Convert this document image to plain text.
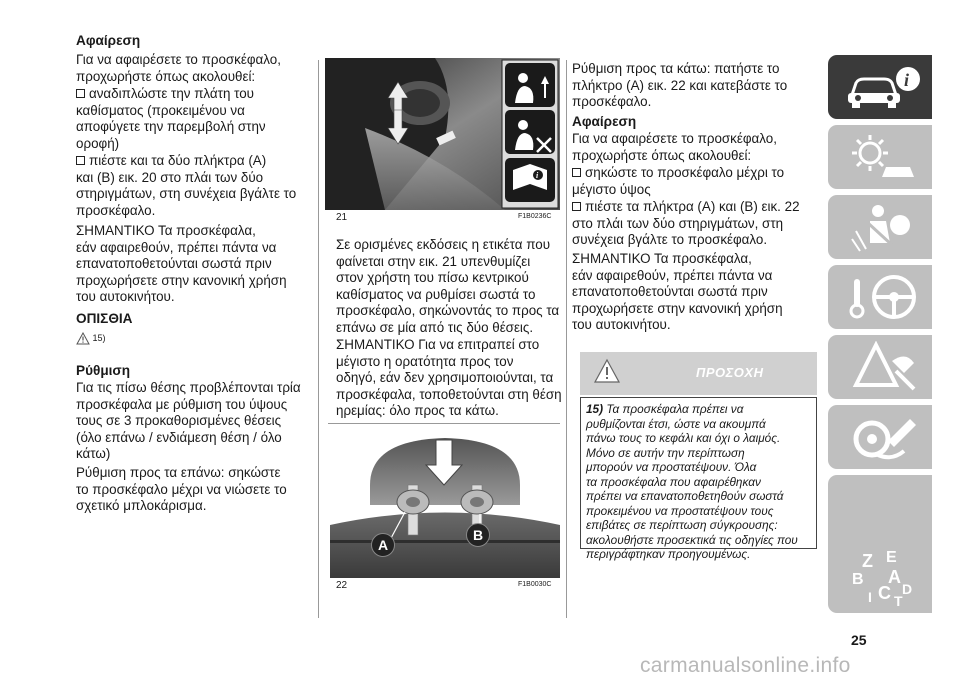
Αφαίρεση
Για να αφαιρέσετε το προσκέφαλο,
προχωρήστε όπως ακολουθεί:
αναδιπλώστε την πλάτη του
καθίσματος (προκειμένου να
αποφύγετε την παρεμβολή στην
οροφή)
πιέστε και τα δύο πλήκτρα (A)
και (B) εικ. 20 στο πλάι των δύο
στηριγμάτων, στη συνέχεια βγάλτε το
προσκέφαλο.
ΣΗΜΑΝΤΙΚΟ Τα προσκέφαλα,
εάν αφαιρεθούν, πρέπει πάντα να
επανατοποθετούνται σωστά πριν
προχωρήσετε στην κανονική χρήση
του αυτοκινήτου.
ΟΠΙΣΘΙΑ
15)
Ρύθμιση
Για τις πίσω θέσης προβλέπονται τρία
προσκέφαλα με ρύθμιση του ύψους
τους σε 3 προκαθορισμένες θέσεις
(όλο επάνω / ενδιάμεση θέση / όλο
κάτω)
Ρύθμιση προς τα επάνω: σηκώστε
το προσκέφαλο μέχρι να νιώσετε το
σχετικό μπλοκάρισμα.
i
21	F1B0236C
Σε ορισμένες εκδόσεις η ετικέτα που
φαίνεται στην εικ. 21 υπενθυμίζει
στον χρήστη του πίσω κεντρικού
καθίσματος να ρυθμίσει σωστά το
προσκέφαλο, σηκώνοντάς το προς τα
επάνω σε μία από τις δύο θέσεις.
ΣΗΜΑΝΤΙΚΟ Για να επιτραπεί στο
μέγιστο η ορατότητα προς τον
οδηγό, εάν δεν χρησιμοποιούνται, τα
προσκέφαλα, τοποθετούνται στη θέση
ηρεμίας: όλο προς τα κάτω.
A
B
22	F1B0030C
Ρύθμιση προς τα κάτω: πατήστε το
πλήκτρο (A) εικ. 22 και κατεβάστε το
προσκέφαλο.
Αφαίρεση
Για να αφαιρέσετε το προσκέφαλο,
προχωρήστε όπως ακολουθεί:
σηκώστε το προσκέφαλο μέχρι το
μέγιστο ύψος
πιέστε τα πλήκτρα (A) και (B) εικ. 22
στο πλάι των δύο στηριγμάτων, στη
συνέχεια βγάλτε το προσκέφαλο.
ΣΗΜΑΝΤΙΚΟ Τα προσκέφαλα,
εάν αφαιρεθούν, πρέπει πάντα να
επανατοποθετούνται σωστά πριν
προχωρήσετε στην κανονική χρήση
του αυτοκινήτου.
ΠΡΟΣΟΧΗ
15) Τα προσκέφαλα πρέπει να
ρυθμίζονται έτσι, ώστε να ακουμπά
πάνω τους το κεφάλι και όχι ο λαιμός.
Μόνο σε αυτήν την περίπτωση
μπορούν να προστατέψουν. Όλα
τα προσκέφαλα που αφαιρέθηκαν
πρέπει να επανατοποθετηθούν σωστά
προκειμένου να προστατέψουν τους
επιβάτες σε περίπτωση σύγκρουσης:
ακολουθήστε προσεκτικά τις οδηγίες που
περιγράφτηκαν προηγουμένως.
i
Z E
B A
C D
T
I
25
carmanualsonline.info
